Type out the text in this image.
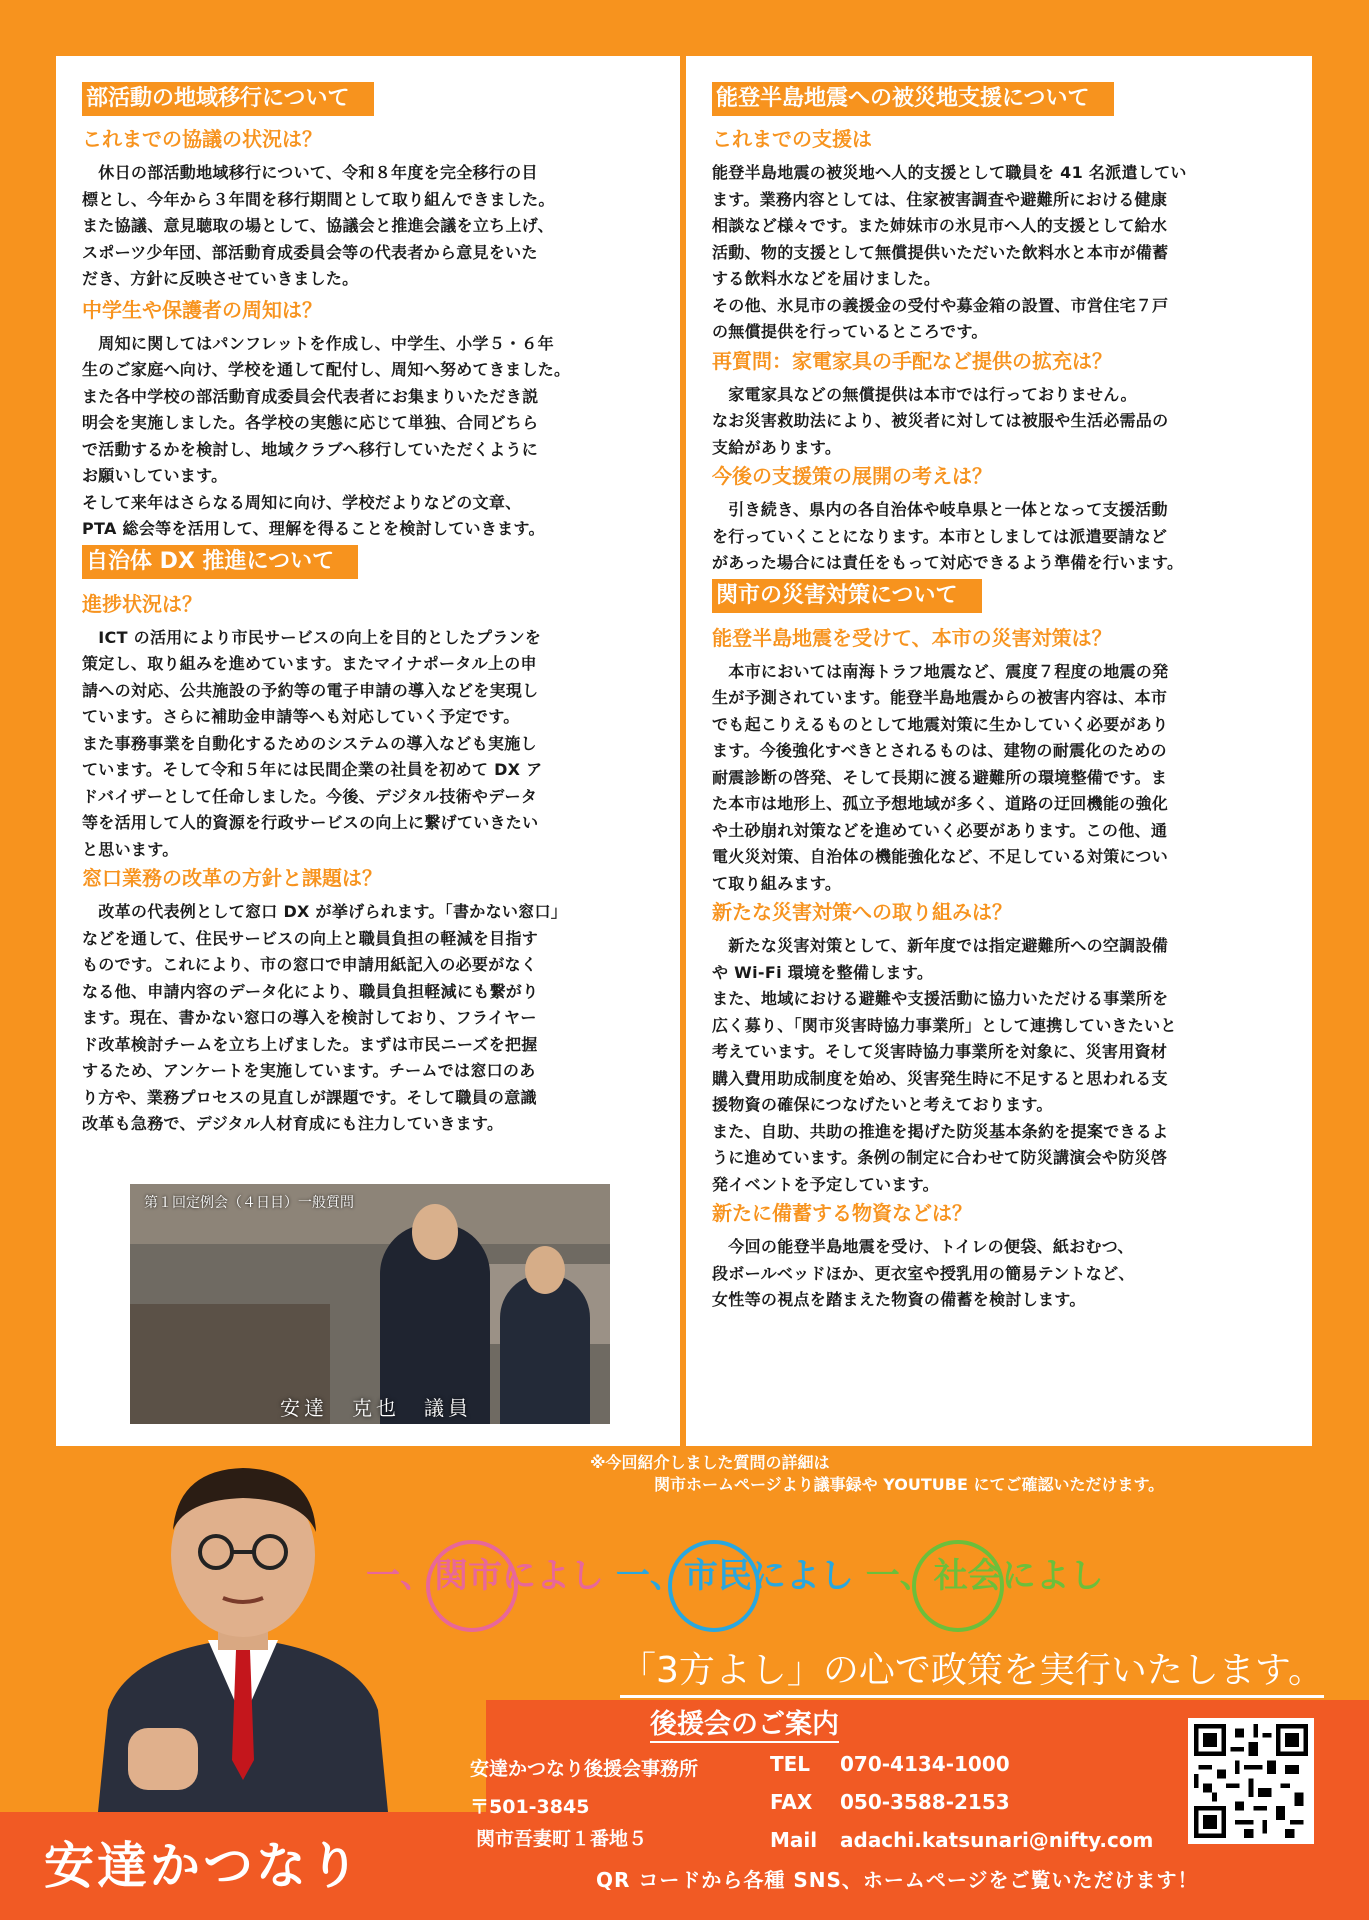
部活動の地域移行について
これまでの協議の状況は？
　休日の部活動地域移行について、令和８年度を完全移行の目
標とし、今年から３年間を移行期間として取り組んできました。
また協議、意見聴取の場として、協議会と推進会議を立ち上げ、
スポーツ少年団、部活動育成委員会等の代表者から意見をいた
だき、方針に反映させていきました。
中学生や保護者の周知は？
　周知に関してはパンフレットを作成し、中学生、小学５・６年
生のご家庭へ向け、学校を通して配付し、周知へ努めてきました。
また各中学校の部活動育成委員会代表者にお集まりいただき説
明会を実施しました。各学校の実態に応じて単独、合同どちら
で活動するかを検討し、地域クラブへ移行していただくように
お願いしています。
そして来年はさらなる周知に向け、学校だよりなどの文章、
PTA 総会等を活用して、理解を得ることを検討していきます。
自治体 DX 推進について
進捗状況は？
　ICT の活用により市民サービスの向上を目的としたプランを
策定し、取り組みを進めています。またマイナポータル上の申
請への対応、公共施設の予約等の電子申請の導入などを実現し
ています。さらに補助金申請等へも対応していく予定です。
また事務事業を自動化するためのシステムの導入なども実施し
ています。そして令和５年には民間企業の社員を初めて DX ア
ドバイザーとして任命しました。今後、デジタル技術やデータ
等を活用して人的資源を行政サービスの向上に繋げていきたい
と思います。
窓口業務の改革の方針と課題は？
　改革の代表例として窓口 DX が挙げられます。「書かない窓口」
などを通して、住民サービスの向上と職員負担の軽減を目指す
ものです。これにより、市の窓口で申請用紙記入の必要がなく
なる他、申請内容のデータ化により、職員負担軽減にも繋がり
ます。現在、書かない窓口の導入を検討しており、フライヤー
ド改革検討チームを立ち上げました。まずは市民ニーズを把握
するため、アンケートを実施しています。チームでは窓口のあ
り方や、業務プロセスの見直しが課題です。そして職員の意識
改革も急務で、デジタル人材育成にも注力していきます。
第１回定例会（４日目）一般質問
安達　克也　議員
能登半島地震への被災地支援について
これまでの支援は
能登半島地震の被災地へ人的支援として職員を 41 名派遣してい
ます。業務内容としては、住家被害調査や避難所における健康
相談など様々です。また姉妹市の氷見市へ人的支援として給水
活動、物的支援として無償提供いただいた飲料水と本市が備蓄
する飲料水などを届けました。
その他、氷見市の義援金の受付や募金箱の設置、市営住宅７戸
の無償提供を行っているところです。
再質問：家電家具の手配など提供の拡充は？
　家電家具などの無償提供は本市では行っておりません。
なお災害救助法により、被災者に対しては被服や生活必需品の
支給があります。
今後の支援策の展開の考えは？
　引き続き、県内の各自治体や岐阜県と一体となって支援活動
を行っていくことになります。本市としましては派遣要請など
があった場合には責任をもって対応できるよう準備を行います。
関市の災害対策について
能登半島地震を受けて、本市の災害対策は？
　本市においては南海トラフ地震など、震度７程度の地震の発
生が予測されています。能登半島地震からの被害内容は、本市
でも起こりえるものとして地震対策に生かしていく必要があり
ます。今後強化すべきとされるものは、建物の耐震化のための
耐震診断の啓発、そして長期に渡る避難所の環境整備です。ま
た本市は地形上、孤立予想地域が多く、道路の迂回機能の強化
や土砂崩れ対策などを進めていく必要があります。この他、通
電火災対策、自治体の機能強化など、不足している対策につい
て取り組みます。
新たな災害対策への取り組みは？
　新たな災害対策として、新年度では指定避難所への空調設備
や Wi-Fi 環境を整備します。
また、地域における避難や支援活動に協力いただける事業所を
広く募り、「関市災害時協力事業所」として連携していきたいと
考えています。そして災害時協力事業所を対象に、災害用資材
購入費用助成制度を始め、災害発生時に不足すると思われる支
援物資の確保につなげたいと考えております。
また、自助、共助の推進を掲げた防災基本条約を提案できるよ
うに進めています。条例の制定に合わせて防災講演会や防災啓
発イベントを予定しています。
新たに備蓄する物資などは？
　今回の能登半島地震を受け、トイレの便袋、紙おむつ、
段ボールベッドほか、更衣室や授乳用の簡易テントなど、
女性等の視点を踏まえた物資の備蓄を検討します。
※今回紹介しました質問の詳細は
　　　　関市ホームページより議事録や YOUTUBE にてご確認いただけます。
一、関市によし 一、市民によし 一、社会によし
「3方よし」の心で政策を実行いたします。
安達かつなり
後援会のご案内
安達かつなり後援会事務所
〒501-3845
関市吾妻町１番地５
TEL 070-4134-1000
FAX 050-3588-2153
Mail adachi.katsunari@nifty.com
QR コードから各種 SNS、ホームページをご覧いただけます！
